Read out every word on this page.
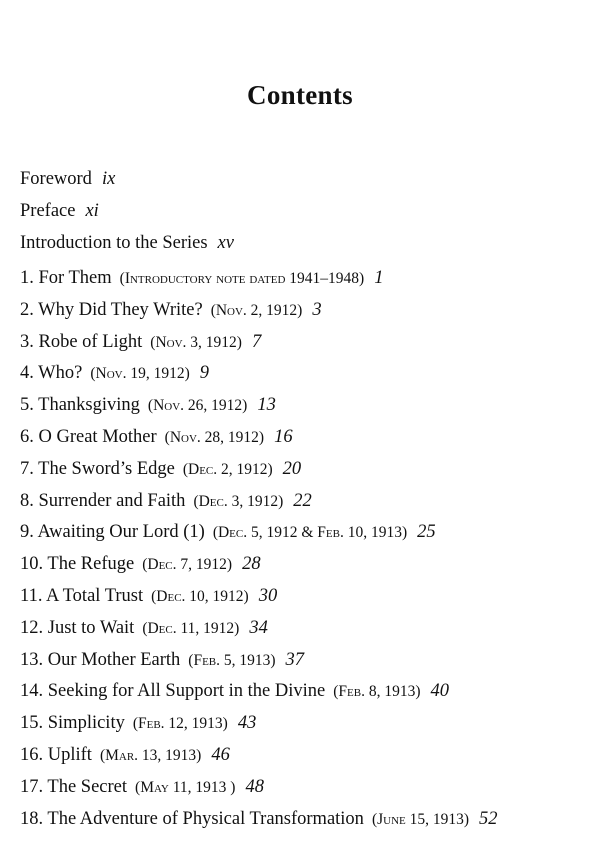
Contents
Foreword ix
Preface xi
Introduction to the Series xv
1. For Them (Introductory note dated 1941–1948) 1
2. Why Did They Write? (Nov. 2, 1912) 3
3. Robe of Light (Nov. 3, 1912) 7
4. Who? (Nov. 19, 1912) 9
5. Thanksgiving (Nov. 26, 1912) 13
6. O Great Mother (Nov. 28, 1912) 16
7. The Sword’s Edge (Dec. 2, 1912) 20
8. Surrender and Faith (Dec. 3, 1912) 22
9. Awaiting Our Lord (1) (Dec. 5, 1912 & Feb. 10, 1913) 25
10. The Refuge (Dec. 7, 1912) 28
11. A Total Trust (Dec. 10, 1912) 30
12. Just to Wait (Dec. 11, 1912) 34
13. Our Mother Earth (Feb. 5, 1913) 37
14. Seeking for All Support in the Divine (Feb. 8, 1913) 40
15. Simplicity (Feb. 12, 1913) 43
16. Uplift (Mar. 13, 1913) 46
17. The Secret (May 11, 1913 ) 48
18. The Adventure of Physical Transformation (June 15, 1913) 52
